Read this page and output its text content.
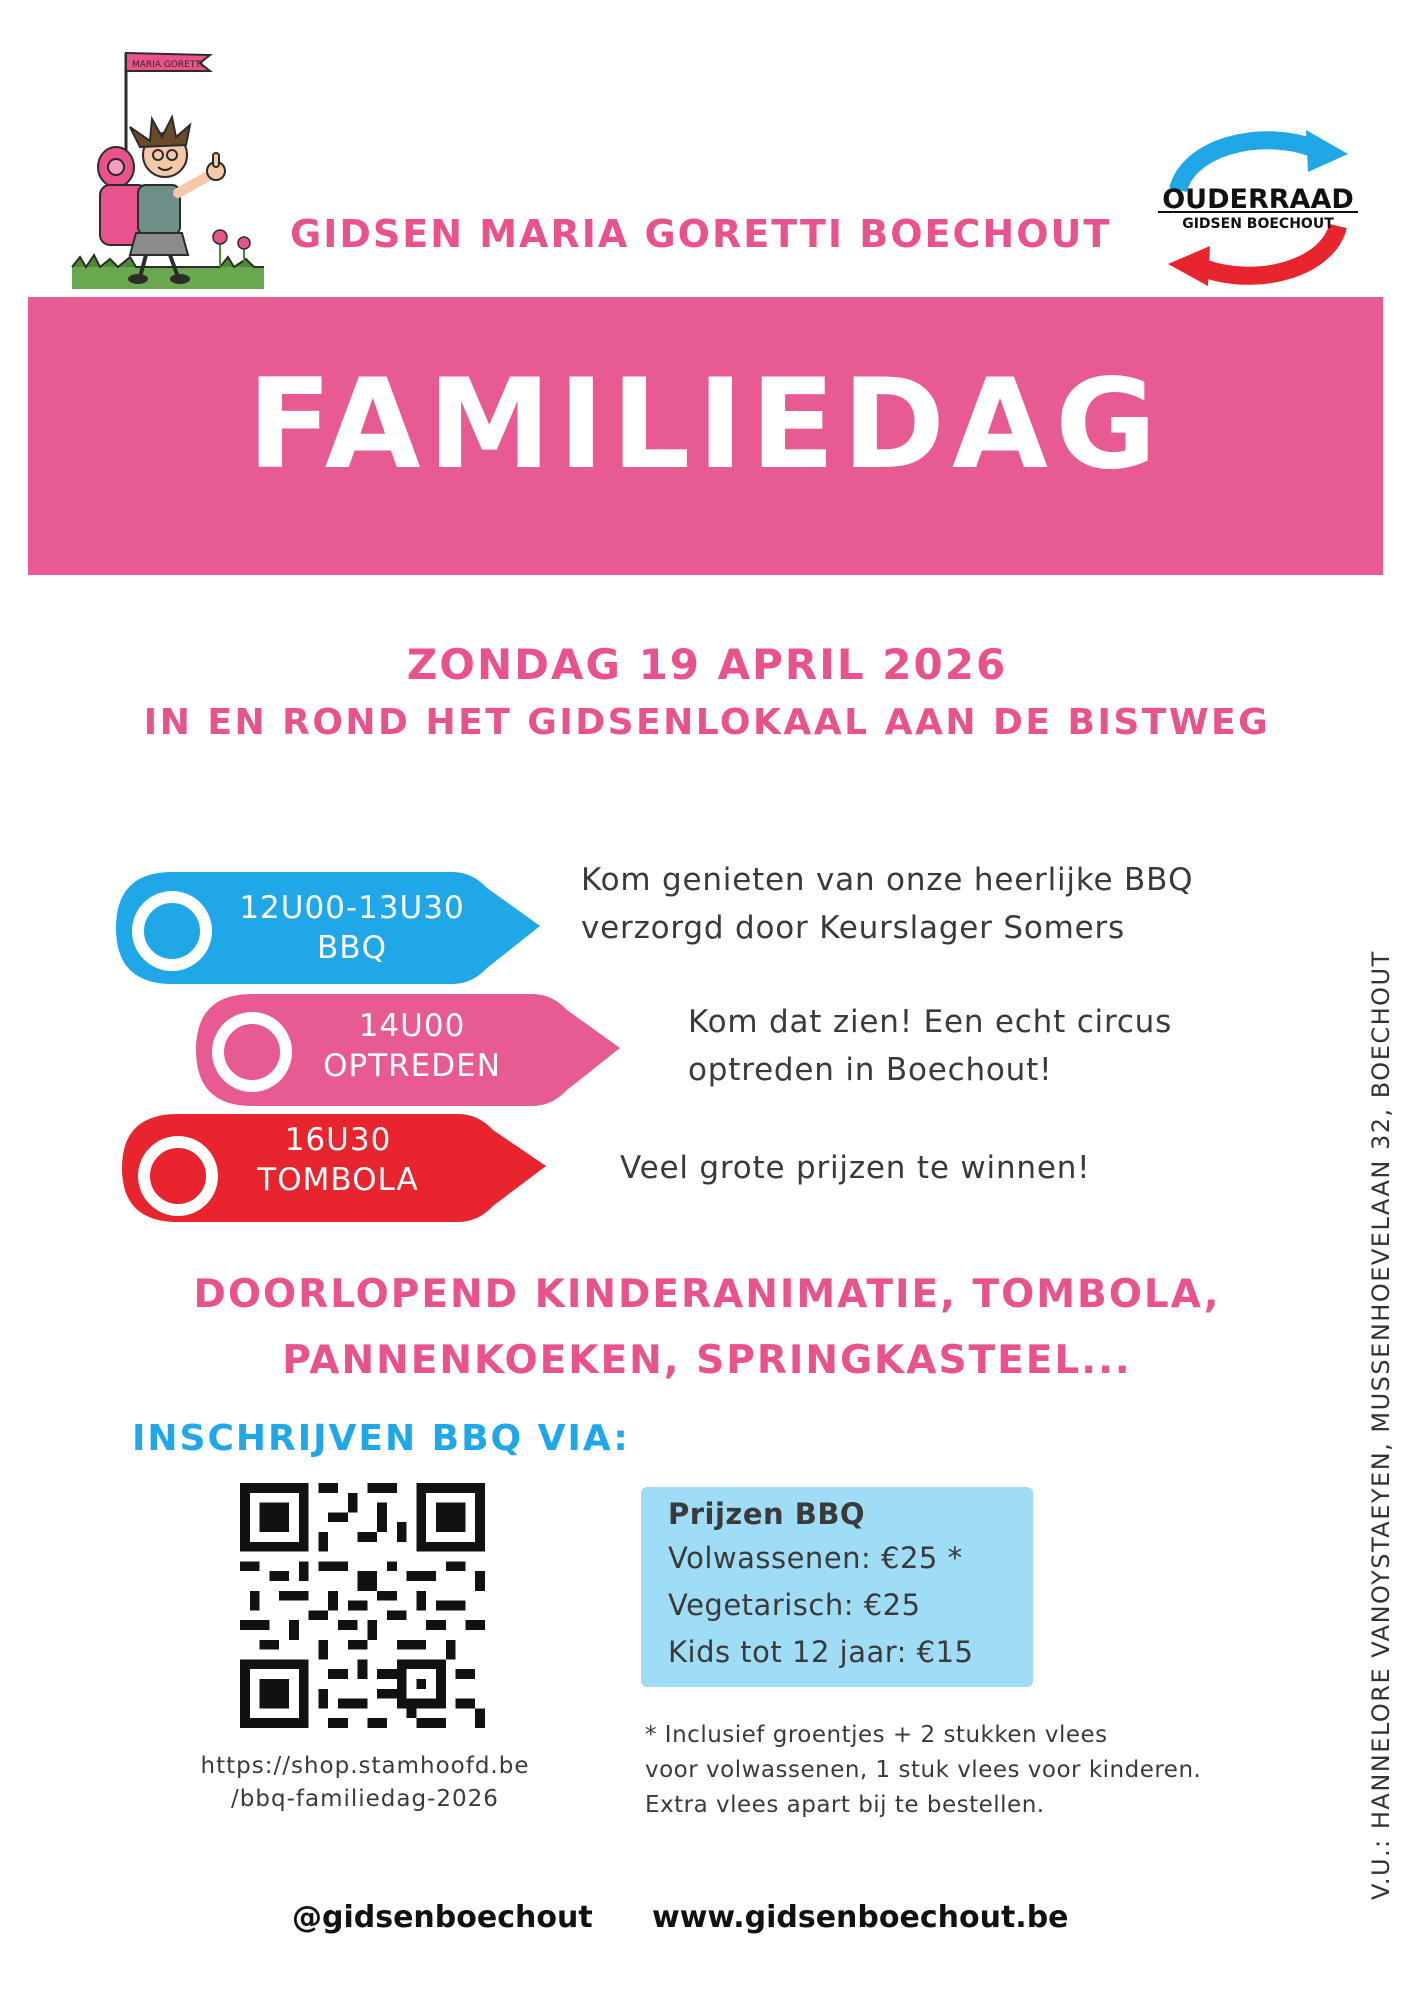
MARIA GORETTI
GIDSEN MARIA GORETTI BOECHOUT
OUDERRAAD
GIDSEN BOECHOUT
FAMILIEDAG
ZONDAG 19 APRIL 2026
IN EN ROND HET GIDSENLOKAAL AAN DE BISTWEG
12U00-13U30
BBQ
Kom genieten van onze heerlijke BBQ
verzorgd door Keurslager Somers
14U00
OPTREDEN
Kom dat zien! Een echt circus
optreden in Boechout!
16U30
TOMBOLA	Veel grote prijzen te winnen!
DOORLOPEND KINDERANIMATIE, TOMBOLA,
PANNENKOEKEN, SPRINGKASTEEL...
INSCHRIJVEN BBQ VIA:
https://shop.stamhoofd.be
/bbq-familiedag-2026
Prijzen BBQ
Volwassenen: €25 *
Vegetarisch: €25
Kids tot 12 jaar: €15
* Inclusief groentjes + 2 stukken vlees
voor volwassenen, 1 stuk vlees voor kinderen.
Extra vlees apart bij te bestellen.
@gidsenboechout www.gidsenboechout.be
V.U.: HANNELORE VANOYSTAEYEN, MUSSENHOEVELAAN 32, BOECHOUT
